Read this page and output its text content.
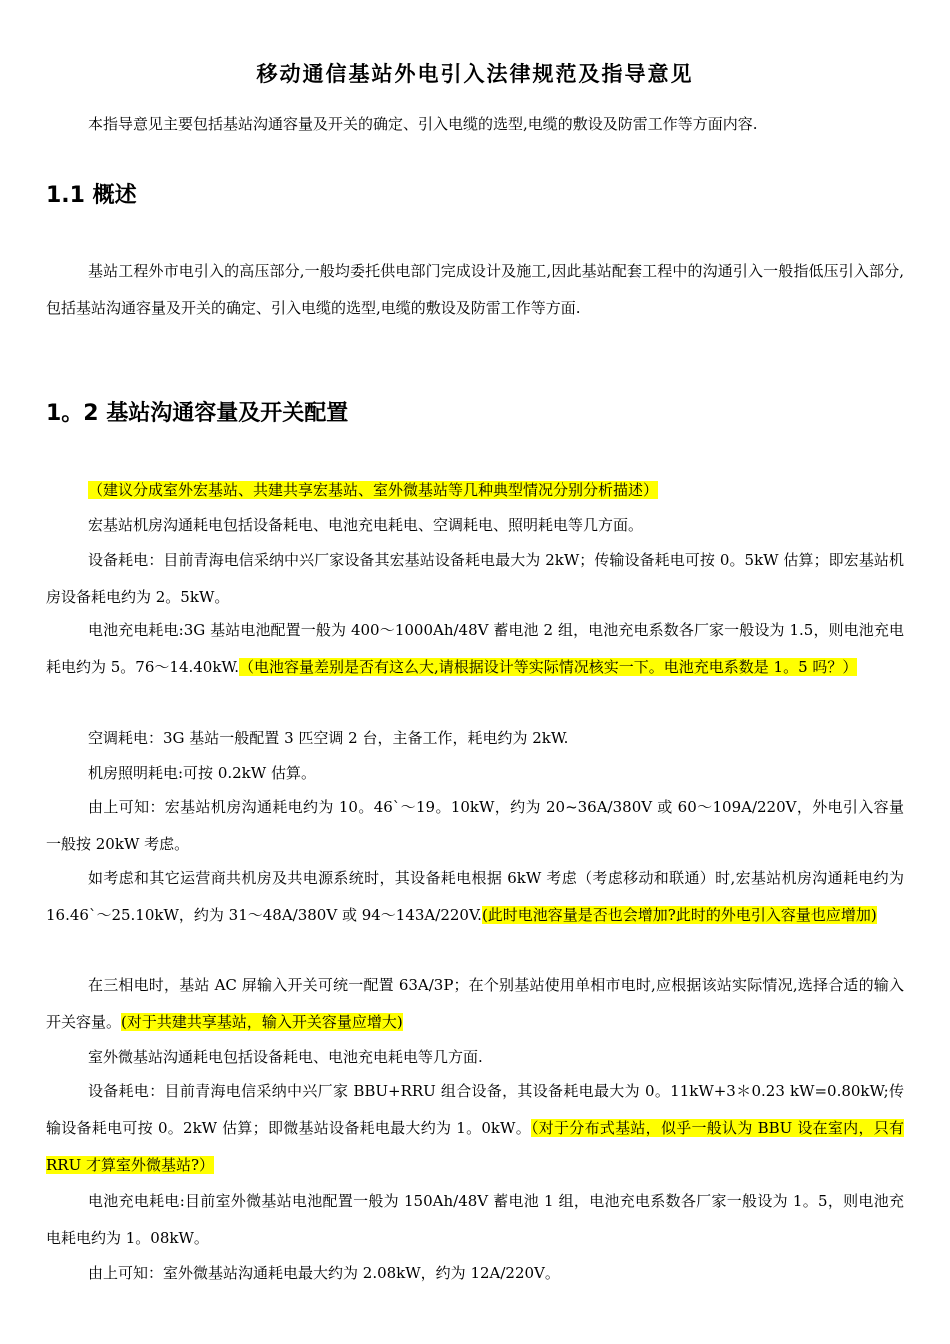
移动通信基站外电引入法律规范及指导意见
本指导意见主要包括基站沟通容量及开关的确定、引入电缆的选型,电缆的敷设及防雷工作等方面内容.
1.1 概述

基站工程外市电引入的高压部分,一般均委托供电部门完成设计及施工,因此基站配套工程中的沟通引入一般指低压引入部分,包括基站沟通容量及开关的确定、引入电缆的选型,电缆的敷设及防雷工作等方面.

1。2 基站沟通容量及开关配置

（建议分成室外宏基站、共建共享宏基站、室外微基站等几种典型情况分别分析描述）

宏基站机房沟通耗电包括设备耗电、电池充电耗电、空调耗电、照明耗电等几方面。

设备耗电：目前青海电信采纳中兴厂家设备其宏基站设备耗电最大为 2kW；传输设备耗电可按 0。5kW 估算；即宏基站机房设备耗电约为 2。5kW。

电池充电耗电:3G 基站电池配置一般为 400～1000Ah/48V 蓄电池 2 组，电池充电系数各厂家一般设为 1.5，则电池充电耗电约为 5。76～14.40kW.（电池容量差别是否有这么大,请根据设计等实际情况核实一下。电池充电系数是 1。5 吗？）

空调耗电：3G 基站一般配置 3 匹空调 2 台，主备工作，耗电约为 2kW.

机房照明耗电:可按 0.2kW 估算。

由上可知：宏基站机房沟通耗电约为 10。46`～19。10kW，约为 20~36A/380V 或 60～109A/220V，外电引入容量一般按 20kW 考虑。

如考虑和其它运营商共机房及共电源系统时，其设备耗电根据 6kW 考虑（考虑移动和联通）时,宏基站机房沟通耗电约为 16.46`～25.10kW，约为 31～48A/380V 或 94～143A/220V.(此时电池容量是否也会增加?此时的外电引入容量也应增加)

在三相电时，基站 AC 屏输入开关可统一配置 63A/3P；在个别基站使用单相市电时,应根据该站实际情况,选择合适的输入开关容量。(对于共建共享基站，输入开关容量应增大)

室外微基站沟通耗电包括设备耗电、电池充电耗电等几方面.

设备耗电：目前青海电信采纳中兴厂家 BBU+RRU 组合设备，其设备耗电最大为 0。11kW+3＊0.23 kW=0.80kW;传输设备耗电可按 0。2kW 估算；即微基站设备耗电最大约为 1。0kW。（对于分布式基站，似乎一般认为 BBU 设在室内，只有 RRU 才算室外微基站?）

电池充电耗电:目前室外微基站电池配置一般为 150Ah/48V 蓄电池 1 组，电池充电系数各厂家一般设为 1。5，则电池充电耗电约为 1。08kW。

由上可知：室外微基站沟通耗电最大约为 2.08kW，约为 12A/220V。
